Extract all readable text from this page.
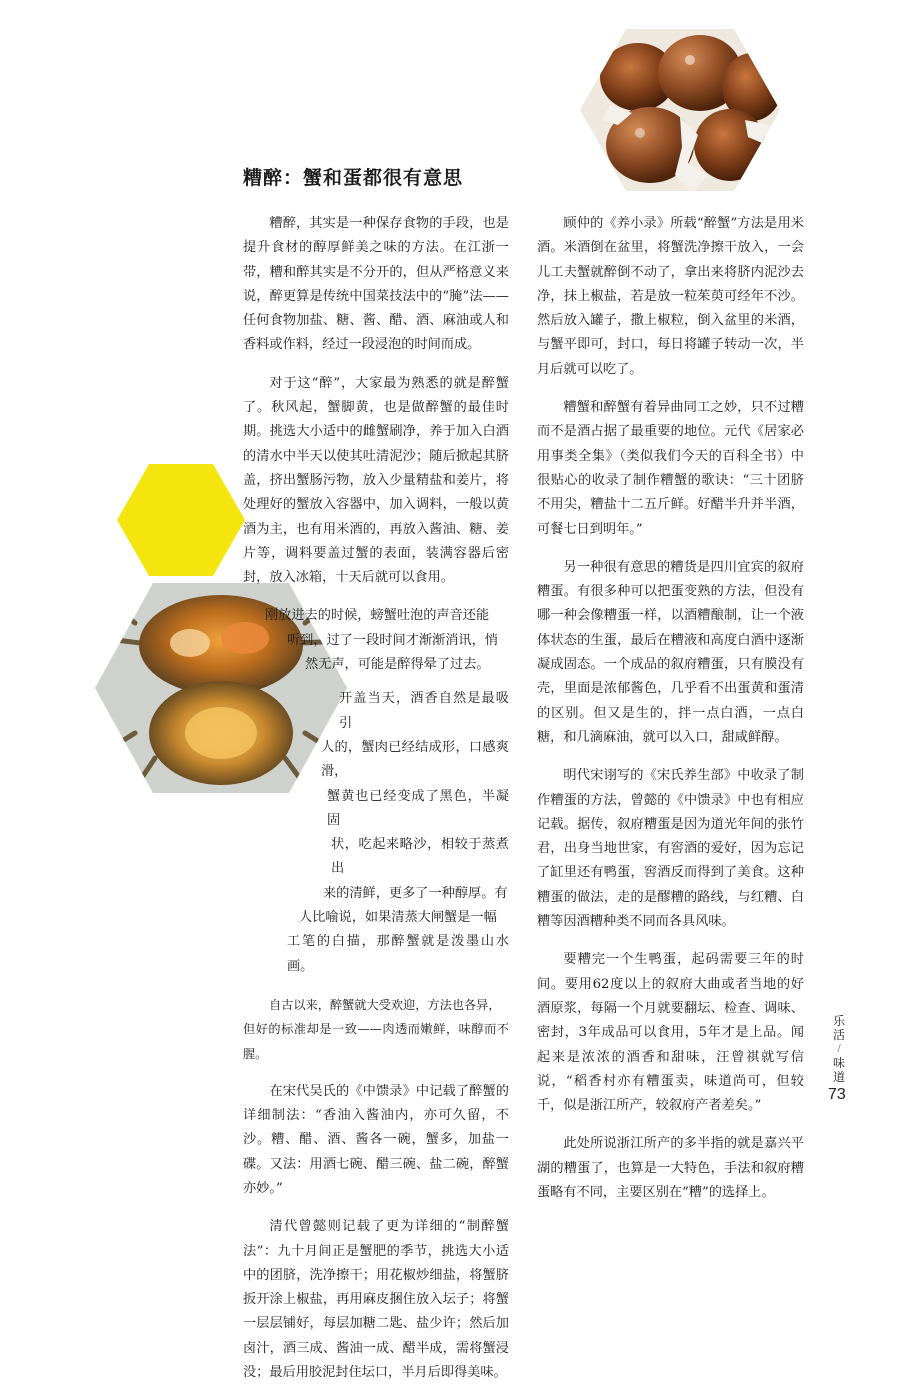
糟醉：蟹和蛋都很有意思

糟醉，其实是一种保存食物的手段，也是提升食材的醇厚鲜美之味的方法。在江浙一带，糟和醉其实是不分开的，但从严格意义来说，醉更算是传统中国菜技法中的“腌”法——任何食物加盐、糖、酱、醋、酒、麻油或人和香料或作料，经过一段浸泡的时间而成。

对于这“醉”，大家最为熟悉的就是醉蟹了。秋风起，蟹脚黄，也是做醉蟹的最佳时期。挑选大小适中的雌蟹刷净，养于加入白酒的清水中半天以使其吐清泥沙；随后掀起其脐盖，挤出蟹肠污物，放入少量精盐和姜片，将处理好的蟹放入容器中，加入调料，一般以黄酒为主，也有用米酒的，再放入酱油、糖、姜片等，调料要盖过蟹的表面，装满容器后密封，放入冰箱，十天后就可以食用。

刚放进去的时候，螃蟹吐泡的声音还能
听到，过了一段时间才渐渐消讯，悄
然无声，可能是醉得晕了过去。

开盖当天，酒香自然是最吸引
人的，蟹肉已经结成形，口感爽滑，
蟹黄也已经变成了黑色，半凝固
状，吃起来略沙，相较于蒸煮出
来的清鲜，更多了一种醇厚。有
人比喻说，如果清蒸大闸蟹是一幅
工笔的白描，那醉蟹就是泼墨山水画。

自古以来，醉蟹就大受欢迎，方法也各异，
但好的标准却是一致——肉透而嫩鲜，味醇而不腥。

在宋代吴氏的《中馈录》中记载了醉蟹的详细制法：“香油入酱油内，亦可久留，不沙。糟、醋、酒、酱各一碗，蟹多，加盐一碟。又法：用酒七碗、醋三碗、盐二碗，醉蟹亦妙。”

清代曾懿则记载了更为详细的“制醉蟹法”：九十月间正是蟹肥的季节，挑选大小适中的团脐，洗净擦干；用花椒炒细盐，将蟹脐扳开涂上椒盐，再用麻皮捆住放入坛子；将蟹一层层铺好，每层加糖二匙、盐少许；然后加卤汁，酒三成、酱油一成、醋半成，需将蟹浸没；最后用胶泥封住坛口，半月后即得美味。

顾仲的《养小录》所载“醉蟹”方法是用米酒。米酒倒在盆里，将蟹洗净擦干放入，一会儿工夫蟹就醉倒不动了，拿出来将脐内泥沙去净，抹上椒盐，若是放一粒茱萸可经年不沙。然后放入罐子，撒上椒粒，倒入盆里的米酒，与蟹平即可，封口，每日将罐子转动一次，半月后就可以吃了。

糟蟹和醉蟹有着异曲同工之妙，只不过糟而不是酒占据了最重要的地位。元代《居家必用事类全集》（类似我们今天的百科全书）中很贴心的收录了制作糟蟹的歌诀：“三十团脐不用尖，糟盐十二五斤鲜。好醋半升并半酒，可餐七日到明年。”

另一种很有意思的糟货是四川宜宾的叙府糟蛋。有很多种可以把蛋变熟的方法，但没有哪一种会像糟蛋一样，以酒糟酿制，让一个液体状态的生蛋，最后在糟液和高度白酒中逐渐凝成固态。一个成品的叙府糟蛋，只有膜没有壳，里面是浓郁酱色，几乎看不出蛋黄和蛋清的区别。但又是生的，拌一点白酒，一点白糖，和几滴麻油，就可以入口，甜咸鲜醇。

明代宋诩写的《宋氏养生部》中收录了制作糟蛋的方法，曾懿的《中馈录》中也有相应记载。据传，叙府糟蛋是因为道光年间的张竹君，出身当地世家，有窖酒的爱好，因为忘记了缸里还有鸭蛋，窖酒反而得到了美食。这种糟蛋的做法，走的是醪糟的路线，与红糟、白糟等因酒糟种类不同而各具风味。

要糟完一个生鸭蛋，起码需要三年的时间。要用62度以上的叙府大曲或者当地的好酒原浆，每隔一个月就要翻坛、检查、调味、密封，3年成品可以食用，5年才是上品。闻起来是浓浓的酒香和甜味，汪曾祺就写信说，“稻香村亦有糟蛋卖，味道尚可，但较千，似是浙江所产，较叙府产者差矣。”

此处所说浙江所产的多半指的就是嘉兴平湖的糟蛋了，也算是一大特色，手法和叙府糟蛋略有不同，主要区别在“糟”的选择上。

乐活
/
味道
73
